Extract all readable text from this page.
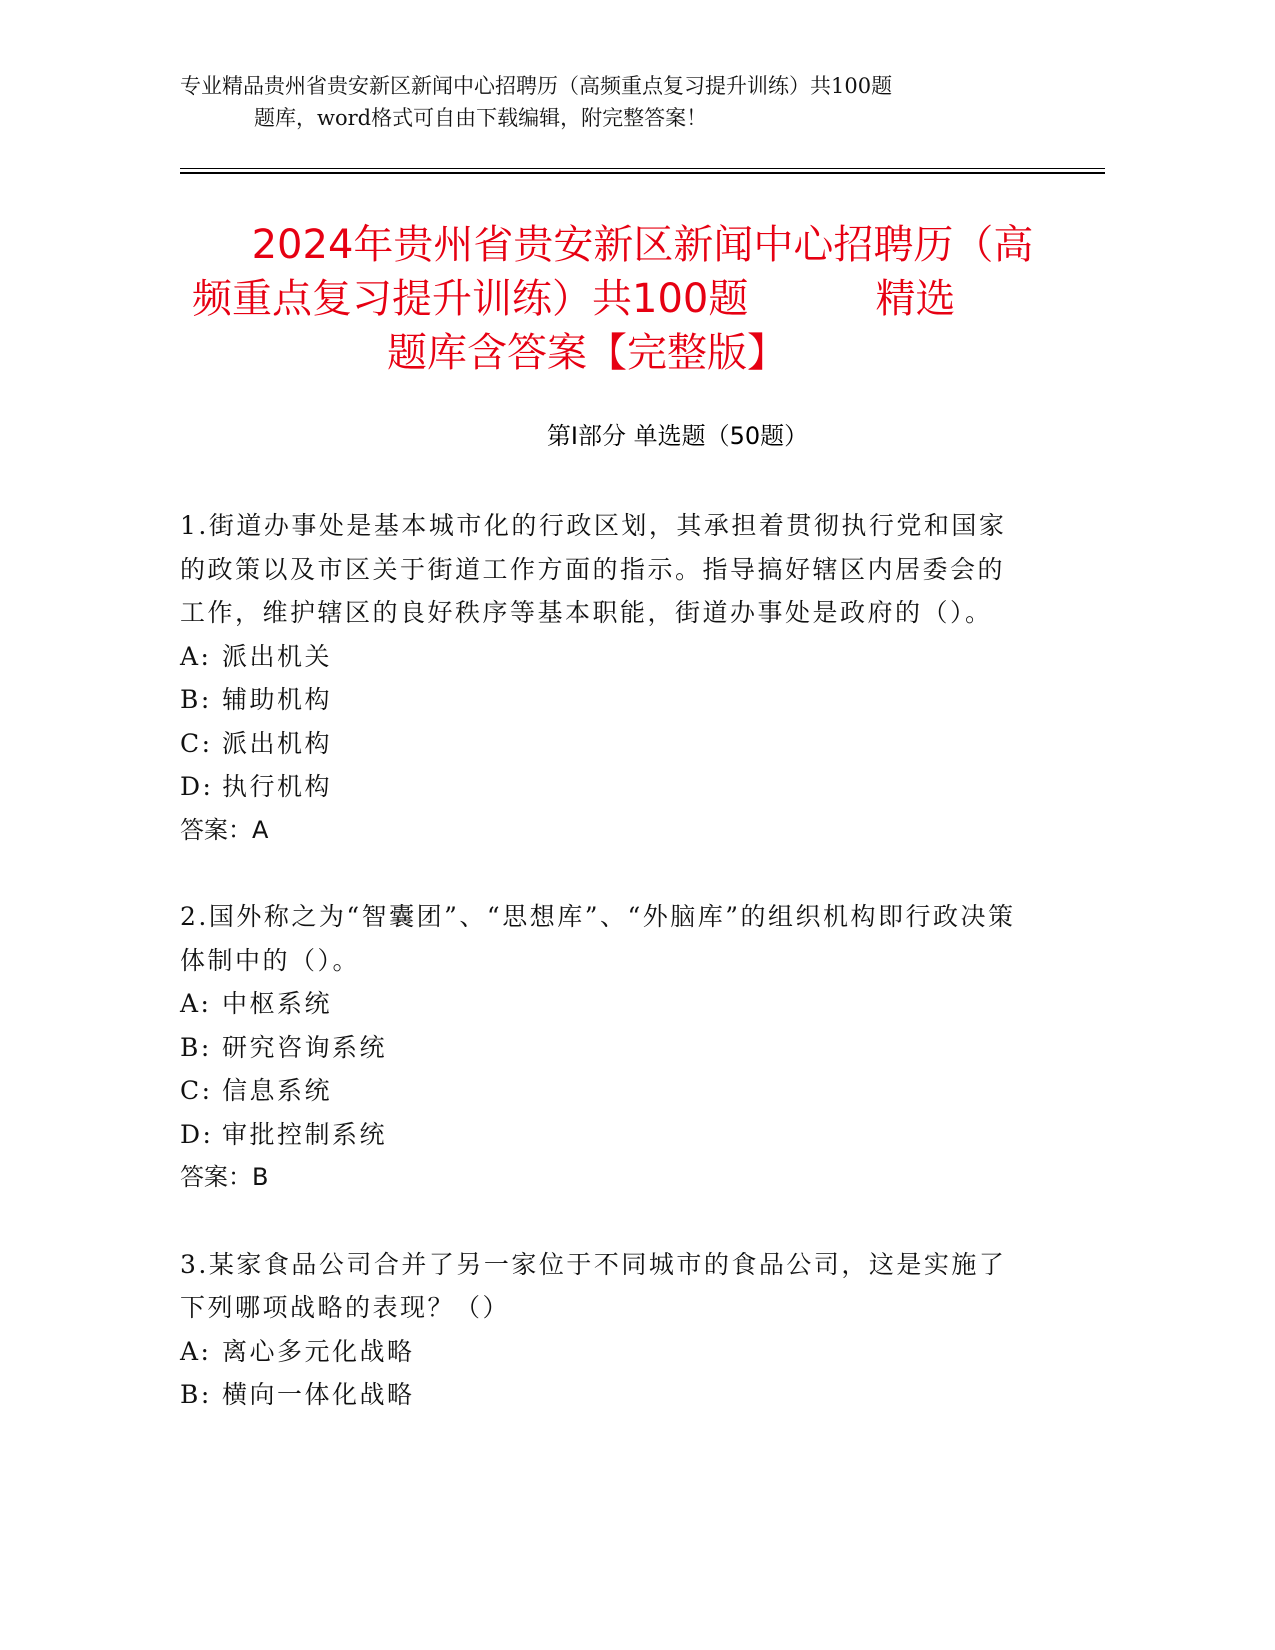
专业精品贵州省贵安新区新闻中心招聘历（高频重点复习提升训练）共100题
题库，word格式可自由下载编辑，附完整答案！
2024年贵州省贵安新区新闻中心招聘历（高
频重点复习提升训练）共100题          精选
题库含答案【完整版】
第I部分 单选题（50题）

1.街道办事处是基本城市化的行政区划，其承担着贯彻执行党和国家的政策以及市区关于街道工作方面的指示。指导搞好辖区内居委会的工作，维护辖区的良好秩序等基本职能，街道办事处是政府的（）。

A: 派出机关

B: 辅助机构

C: 派出机构

D: 执行机构

答案：A

2.国外称之为“智囊团”、“思想库”、“外脑库”的组织机构即行政决策体制中的（）。

A: 中枢系统

B: 研究咨询系统

C: 信息系统

D: 审批控制系统

答案：B

3.某家食品公司合并了另一家位于不同城市的食品公司，这是实施了下列哪项战略的表现？（）

A: 离心多元化战略

B: 横向一体化战略
